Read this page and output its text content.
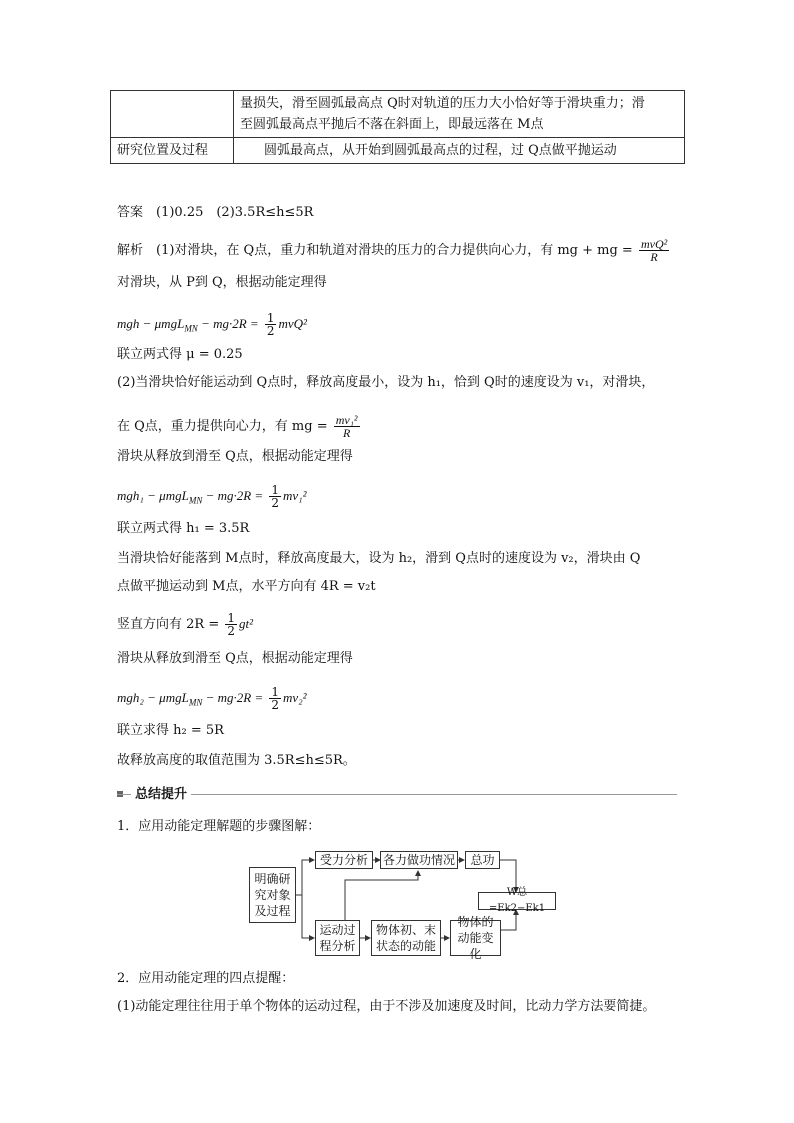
	量损失，滑至圆弧最高点 Q时对轨道的压力大小恰好等于滑块重力；滑
至圆弧最高点平抛后不落在斜面上，即最远落在 M点

研究位置及过程	圆弧最高点，从开始到圆弧最高点的过程，过 Q点做平抛运动
答案　(1)0.25　(2)3.5R≤h≤5R
解析　(1)对滑块，在 Q点，重力和轨道对滑块的压力的合力提供向心力，有 mg + mg = $\frac{\text{mvQ²}}{R}$
对滑块，从 P到 Q，根据动能定理得
mgh − $\mu mgL_{MN} - mg\cdot 2R = \frac{1}{2} mvQ^2$
联立两式得 μ = 0.25
(2)当滑块恰好能运动到 Q点时，释放高度最小，设为 h₁，恰到 Q时的速度设为 v₁，对滑块，
在 Q点，重力提供向心力，有 mg = $\frac{\text{mv₁²}}{R}$
滑块从释放到滑至 Q点，根据动能定理得
$mgh_1 - \mu mgL_{MN} - mg\cdot 2R = \frac{1}{2} mv_1^2$
联立两式得 h₁ = 3.5R
当滑块恰好能落到 M点时，释放高度最大，设为 h₂，滑到 Q点时的速度设为 v₂，滑块由 Q
点做平抛运动到 M点，水平方向有 4R = v₂t
竖直方向有 $2R = \frac{1}{2} gt^2$
滑块从释放到滑至 Q点，根据动能定理得
$mgh_2 - \mu mgL_{MN} - mg\cdot 2R = \frac{1}{2} mv_2^2$
联立求得 h₂ = 5R
故释放高度的取值范围为 3.5R≤h≤5R。
总结提升
1．应用动能定理解题的步骤图解：
明确研究对象及过程
受力分析	各力做功情况	总功
运动过程分析
物体初、末状态的动能
物体的动能变化
W总=Ek2−Ek1
2．应用动能定理的四点提醒：
(1)动能定理往往用于单个物体的运动过程，由于不涉及加速度及时间，比动力学方法要简捷。
